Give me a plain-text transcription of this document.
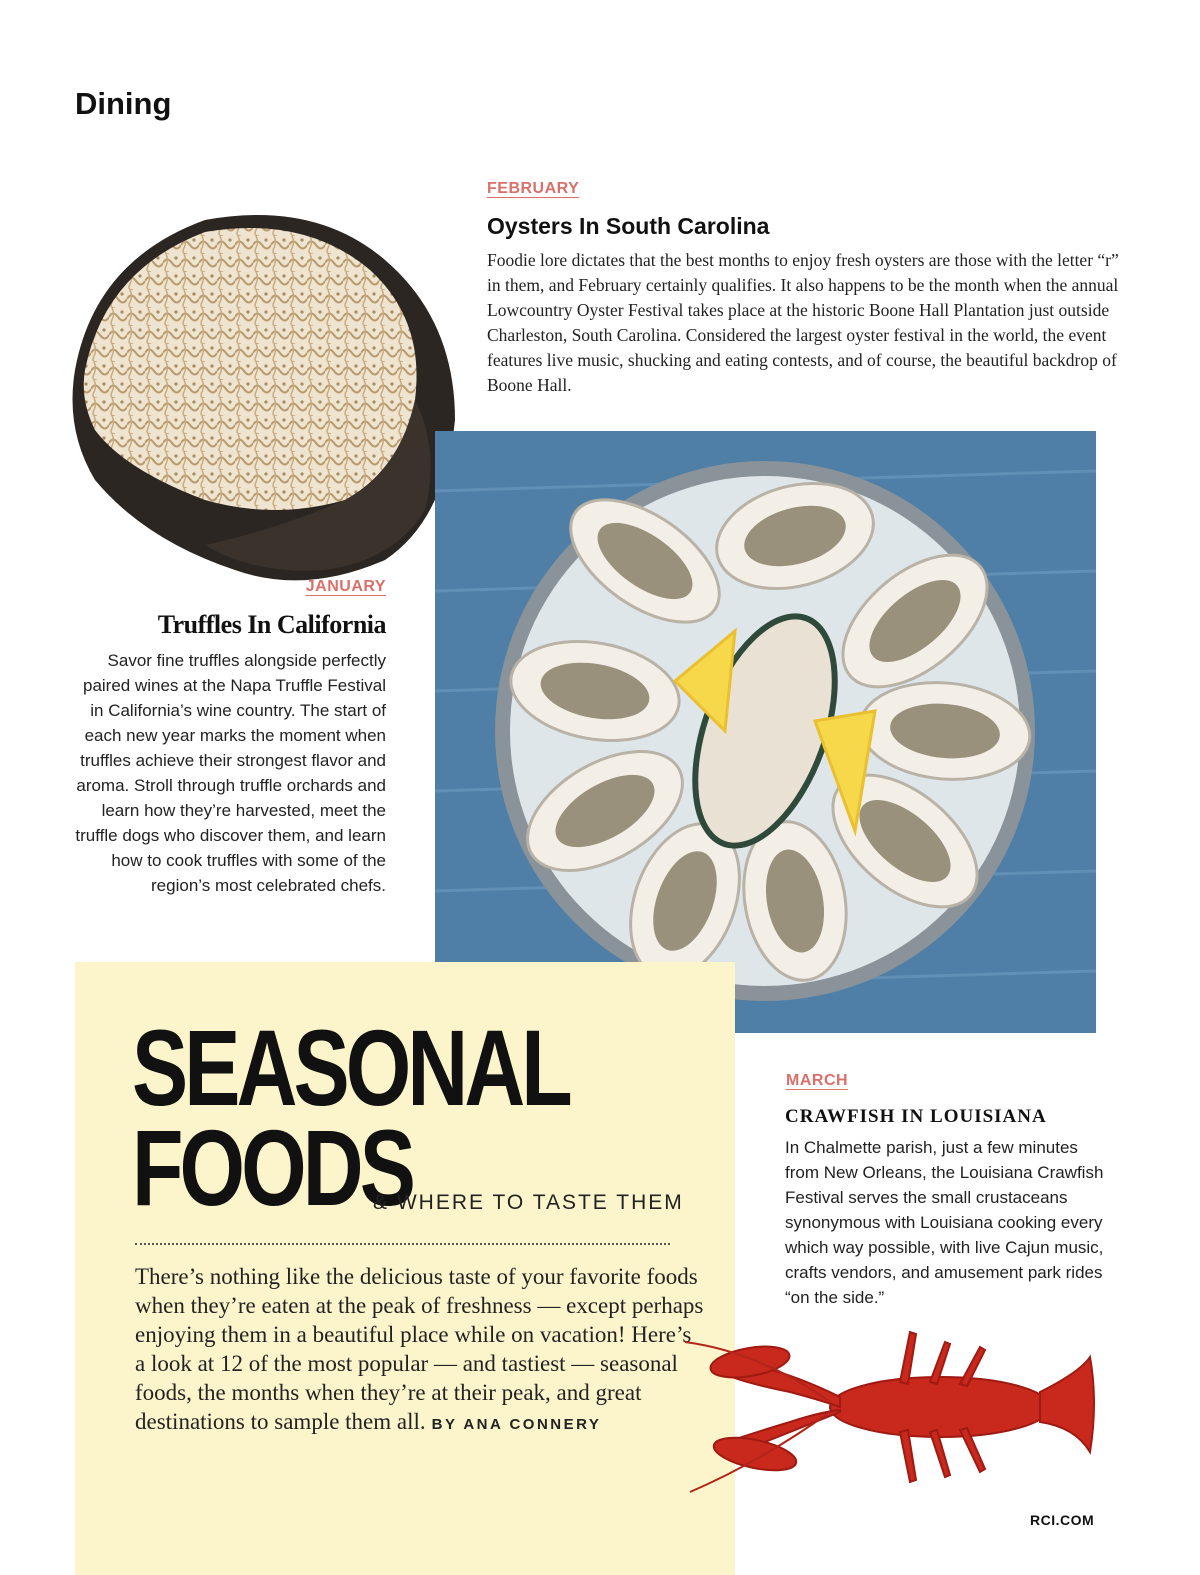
Dining
FEBRUARY
Oysters In South Carolina
Foodie lore dictates that the best months to enjoy fresh oysters are those with the letter “r” in them, and February certainly qualifies. It also happens to be the month when the annual Lowcountry Oyster Festival takes place at the historic Boone Hall Plantation just outside Charleston, South Carolina. Considered the largest oyster festival in the world, the event features live music, shucking and eating contests, and of course, the beautiful backdrop of Boone Hall.
JANUARY
Truffles In California
Savor fine truffles alongside perfectly paired wines at the Napa Truffle Festival in California’s wine country. The start of each new year marks the moment when truffles achieve their strongest flavor and aroma. Stroll through truffle orchards and learn how they’re harvested, meet the truffle dogs who discover them, and learn how to cook truffles with some of the region’s most celebrated chefs.
SEASONAL
FOODS
& WHERE TO TASTE THEM
There’s nothing like the delicious taste of your favorite foods when they’re eaten at the peak of freshness — except perhaps enjoying them in a beautiful place while on vacation! Here’s a look at 12 of the most popular — and tastiest — seasonal foods, the months when they’re at their peak, and great destinations to sample them all. BY ANA CONNERY
MARCH
CRAWFISH IN LOUISIANA
In Chalmette parish, just a few minutes from New Orleans, the Louisiana Crawfish Festival serves the small crustaceans synonymous with Louisiana cooking every which way possible, with live Cajun music, crafts vendors, and amusement park rides “on the side.”
RCI.COM
